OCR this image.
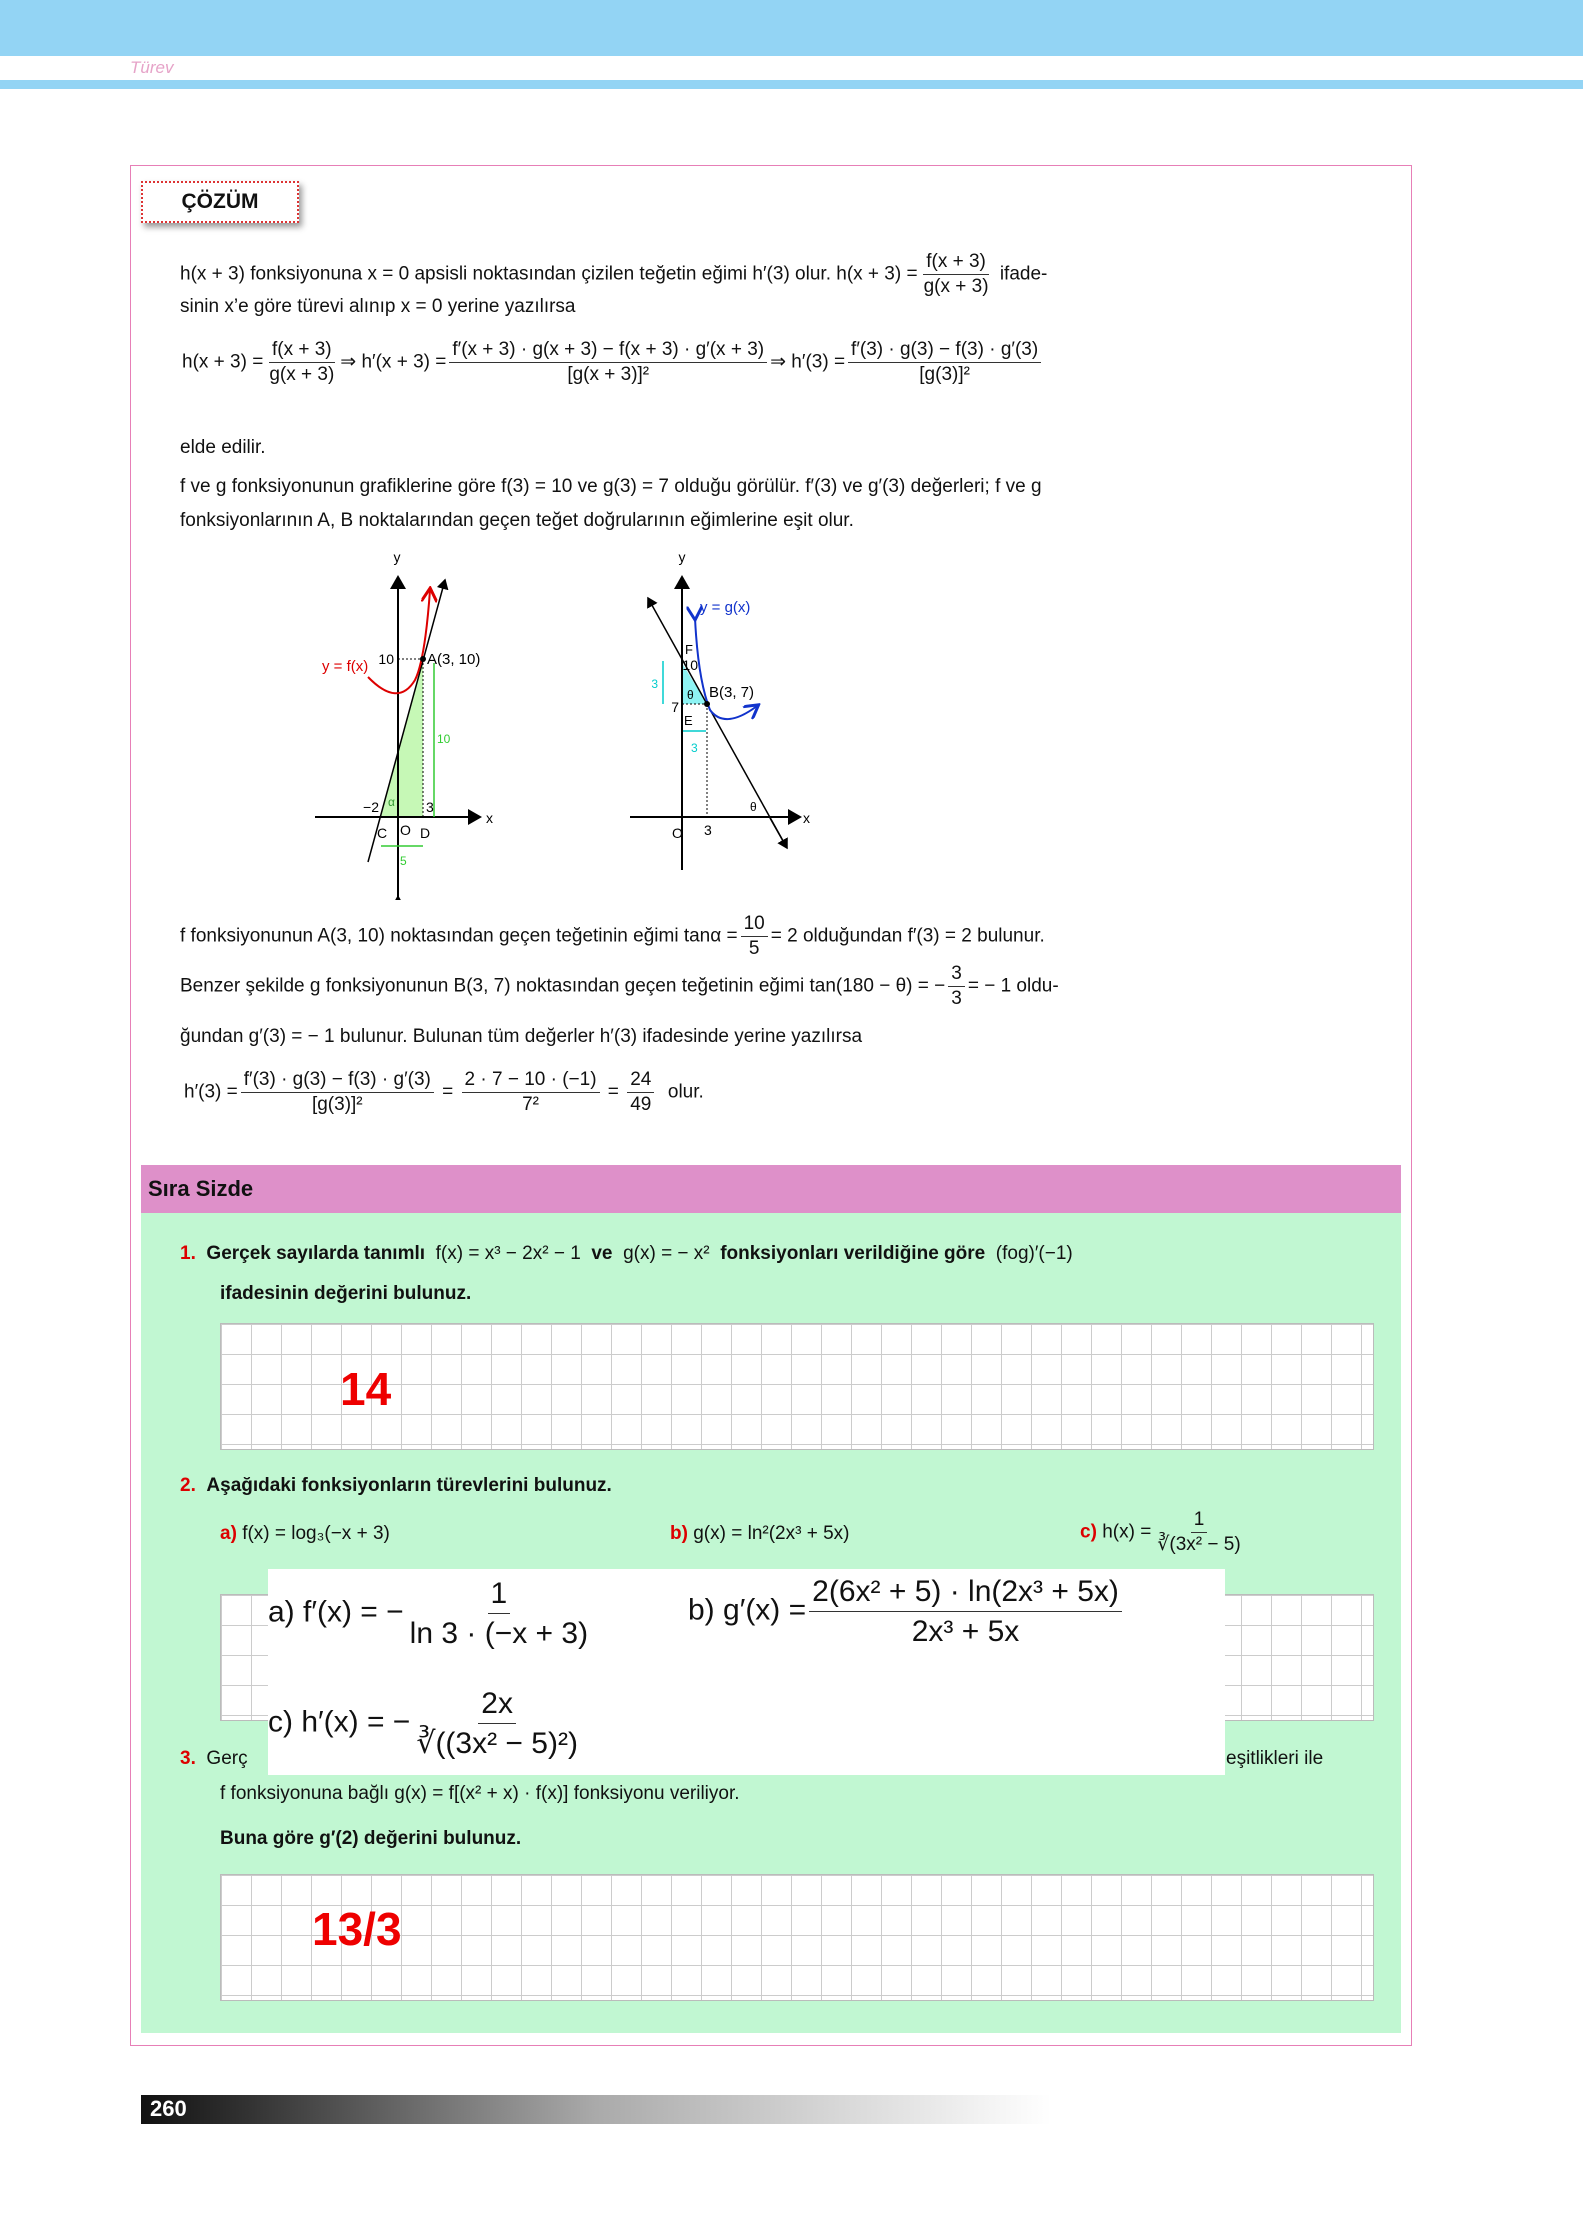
Türev
ÇÖZÜM
h(x + 3) fonksiyonuna x = 0 apsisli noktasından çizilen teğetin eğimi h′(3) olur. $h(x + 3) = \frac{f(x + 3)}{g(x + 3)}$ ifade-
sinin x’e göre türevi alınıp x = 0 yerine yazılırsa
$h(x + 3) = \frac{f(x + 3)}{g(x + 3)}$ ⇒ $h'(x + 3) = \frac{f'(x + 3) \cdot g(x + 3) - f(x + 3) \cdot g'(x + 3)}{\text{[g(x + 3)]²}}$ ⇒ $h'(3) = \frac{f'(3) \cdot g(3) - f(3) \cdot g'(3)}{\text{[g(3)]²}}$
elde edilir.
f ve g fonksiyonunun grafiklerine göre f(3) = 10 ve g(3) = 7 olduğu görülür. f′(3) ve g′(3) değerleri; f ve g
fonksiyonlarının A, B noktalarından geçen teğet doğrularının eğimlerine eşit olur.
y
x
10 A(3, 10)
y = f(x)
−2 α 3
C O D
10
5
y
x
y = g(x)
F
10
3
7
E
θ B(3, 7)
3
θ
O 3
f fonksiyonunun A(3, 10) noktasından geçen teğetinin eğimi $\tan\alpha = \frac{10}{5} = 2$ olduğundan f′(3) = 2 bulunur.
Benzer şekilde g fonksiyonunun B(3, 7) noktasından geçen teğetinin eğimi tan(180 − θ) = − $\frac{3}{3}$ = − 1 oldu-
ğundan g′(3) = − 1 bulunur. Bulunan tüm değerler h′(3) ifadesinde yerine yazılırsa
$h'(3) = \frac{f'(3) \cdot g(3) - f(3) \cdot g'(3)}{\text{[g(3)]²}} = \frac{2 \cdot 7 - 10 \cdot (-1)}{\text{7²}} = \frac{24}{49}$ olur.
Sıra Sizde
1. Gerçek sayılarda tanımlı f(x) = x³ − 2x² − 1 ve g(x) = − x² fonksiyonları verildiğine göre (fog)′(−1)
ifadesinin değerini bulunuz.
14
2. Aşağıdaki fonksiyonların türevlerini bulunuz.
a) f(x) = log₃(−x + 3)	b) g(x) = ln²(2x³ + 5x)	c) $h(x) = \frac{1}{\text{∛(3x² − 5)}}$
a) f′(x) = − $\frac{1}{\ln 3 \cdot (-x + 3)}$	b) $g'(x) = \frac{\text{2(6x² + 5) · ln(2x³ + 5x)}}{\text{2x³ + 5x}}$
c) h′(x) = − $\frac{2x}{\text{∛((3x² − 5)²)}}$
3. Gerç	eşitlikleri ile
f fonksiyonuna bağlı g(x) = f[(x² + x) · f(x)] fonksiyonu veriliyor.
Buna göre g′(2) değerini bulunuz.
13/3
260
